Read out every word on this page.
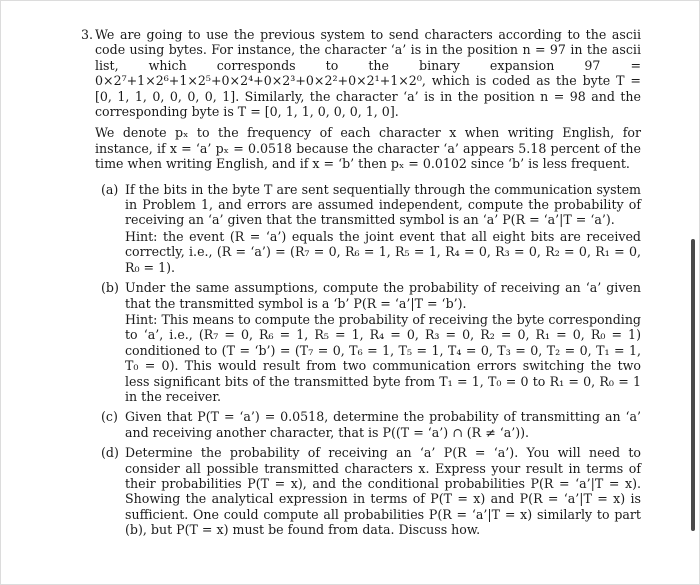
3. We are going to use the previous system to send characters according to the ascii code using bytes. For instance, the character ‘a’ is in the position n = 97 in the ascii list, which corresponds to the binary expansion 97 = 0×2⁷+1×2⁶+1×2⁵+0×2⁴+0×2³+0×2²+0×2¹+1×2⁰, which is coded as the byte T = [0, 1, 1, 0, 0, 0, 0, 1]. Similarly, the character ‘a’ is in the position n = 98 and the corresponding byte is T = [0, 1, 1, 0, 0, 0, 1, 0].

We denote pₓ to the frequency of each character x when writing English, for instance, if x = ‘a’ pₓ = 0.0518 because the character ‘a’ appears 5.18 percent of the time when writing English, and if x = ‘b’ then pₓ = 0.0102 since ‘b’ is less frequent.

(a) If the bits in the byte T are sent sequentially through the communication system in Problem 1, and errors are assumed independent, compute the probability of receiving an ‘a’ given that the transmitted symbol is an ‘a’ P(R = ‘a’|T = ‘a’).

Hint: the event (R = ‘a’) equals the joint event that all eight bits are received correctly, i.e., (R = ‘a’) = (R₇ = 0, R₆ = 1, R₅ = 1, R₄ = 0, R₃ = 0, R₂ = 0, R₁ = 0, R₀ = 1).

(b) Under the same assumptions, compute the probability of receiving an ‘a’ given that the transmitted symbol is a ‘b’ P(R = ‘a’|T = ‘b’).

Hint: This means to compute the probability of receiving the byte corresponding to ‘a’, i.e., (R₇ = 0, R₆ = 1, R₅ = 1, R₄ = 0, R₃ = 0, R₂ = 0, R₁ = 0, R₀ = 1) conditioned to (T = ‘b’) = (T₇ = 0, T₆ = 1, T₅ = 1, T₄ = 0, T₃ = 0, T₂ = 0, T₁ = 1, T₀ = 0). This would result from two communication errors switching the two less significant bits of the transmitted byte from T₁ = 1, T₀ = 0 to R₁ = 0, R₀ = 1 in the receiver.

(c) Given that P(T = ‘a’) = 0.0518, determine the probability of transmitting an ‘a’ and receiving another character, that is P((T = ‘a’) ∩ (R ≠ ‘a’)).

(d) Determine the probability of receiving an ‘a’ P(R = ‘a’). You will need to consider all possible transmitted characters x. Express your result in terms of their probabilities P(T = x), and the conditional probabilities P(R = ‘a’|T = x). Showing the analytical expression in terms of P(T = x) and P(R = ‘a’|T = x) is sufficient. One could compute all probabilities P(R = ‘a’|T = x) similarly to part (b), but P(T = x) must be found from data. Discuss how.
